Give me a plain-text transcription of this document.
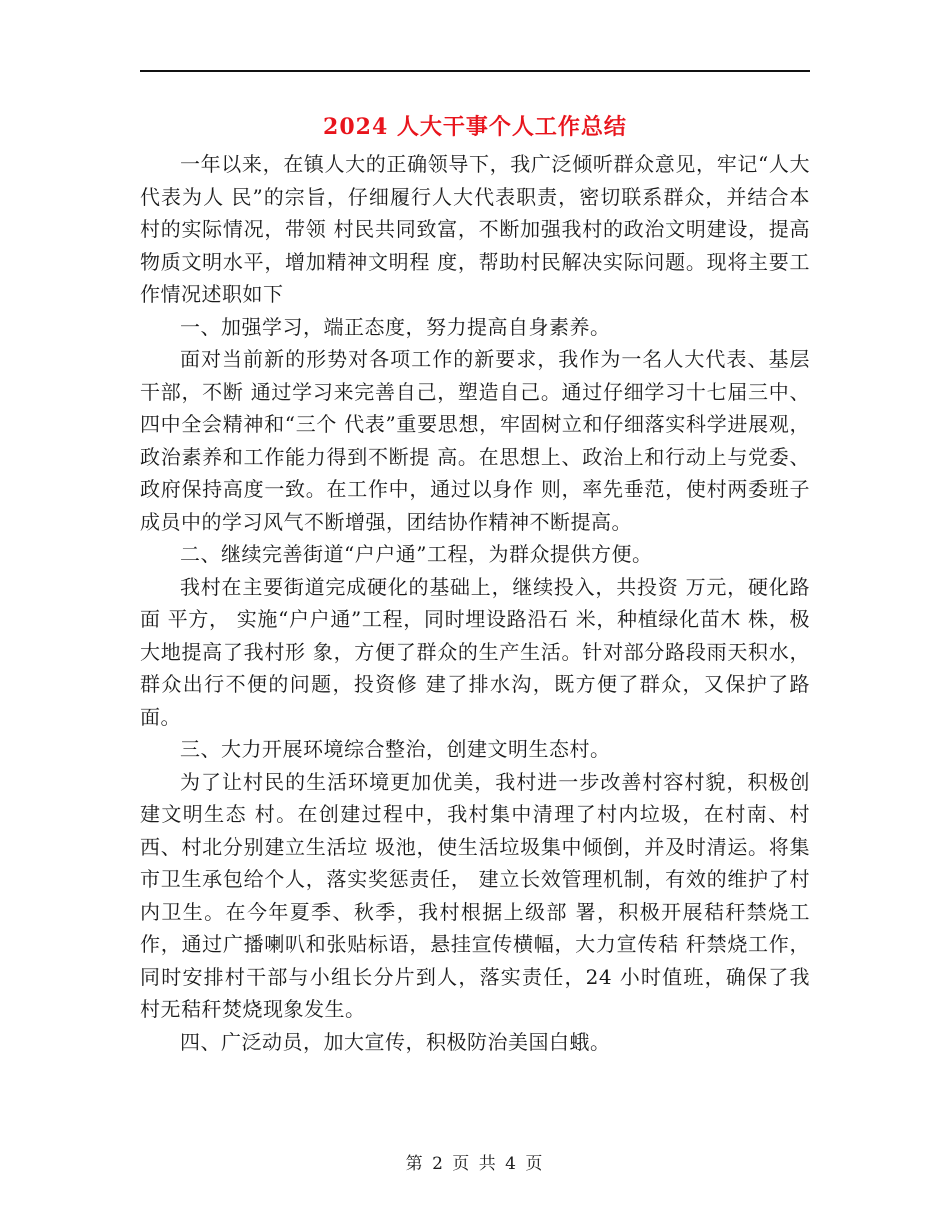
2024 人大干事个人工作总结

一年以来，在镇人大的正确领导下，我广泛倾听群众意见，牢记“人大代表为人 民”的宗旨，仔细履行人大代表职责，密切联系群众，并结合本村的实际情况，带领 村民共同致富，不断加强我村的政治文明建设，提高物质文明水平，增加精神文明程 度，帮助村民解决实际问题。现将主要工作情况述职如下

一、加强学习，端正态度，努力提高自身素养。

面对当前新的形势对各项工作的新要求，我作为一名人大代表、基层干部，不断 通过学习来完善自己，塑造自己。通过仔细学习十七届三中、四中全会精神和“三个 代表”重要思想，牢固树立和仔细落实科学进展观，政治素养和工作能力得到不断提 高。在思想上、政治上和行动上与党委、政府保持高度一致。在工作中，通过以身作 则，率先垂范，使村两委班子成员中的学习风气不断增强，团结协作精神不断提高。

二、继续完善街道“户户通”工程，为群众提供方便。

我村在主要街道完成硬化的基础上，继续投入，共投资 万元，硬化路面 平方， 实施“户户通”工程，同时埋设路沿石 米，种植绿化苗木 株，极大地提高了我村形 象，方便了群众的生产生活。针对部分路段雨天积水，群众出行不便的问题，投资修 建了排水沟，既方便了群众，又保护了路面。

三、大力开展环境综合整治，创建文明生态村。

为了让村民的生活环境更加优美，我村进一步改善村容村貌，积极创建文明生态 村。在创建过程中，我村集中清理了村内垃圾，在村南、村西、村北分别建立生活垃 圾池，使生活垃圾集中倾倒，并及时清运。将集市卫生承包给个人，落实奖惩责任， 建立长效管理机制，有效的维护了村内卫生。在今年夏季、秋季，我村根据上级部 署，积极开展秸秆禁烧工作，通过广播喇叭和张贴标语，悬挂宣传横幅，大力宣传秸 秆禁烧工作，同时安排村干部与小组长分片到人，落实责任，24 小时值班，确保了我 村无秸秆焚烧现象发生。

四、广泛动员，加大宣传，积极防治美国白蛾。

第 2 页 共 4 页
